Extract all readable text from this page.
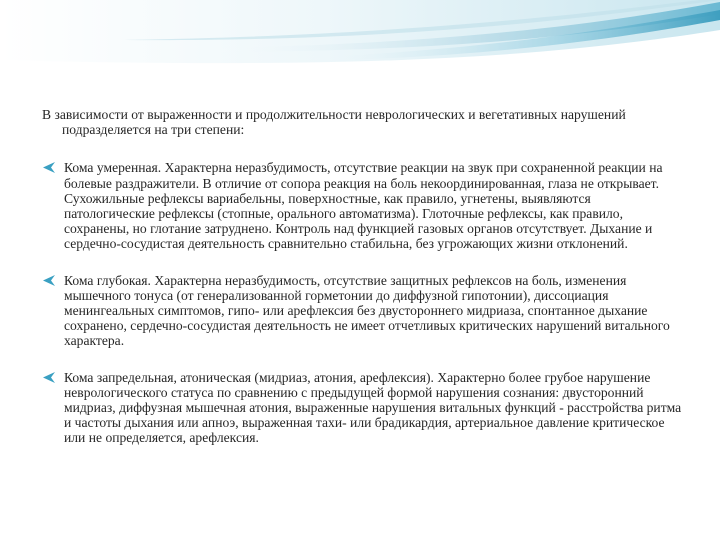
В зависимости от выраженности и продолжительности неврологических и вегетативных нарушений подразделяется на три степени:

Кома умеренная. Характерна неразбудимость, отсутствие реакции на звук при сохраненной реакции на болевые раздражители. В отличие от сопора реакция на боль некоординированная, глаза не открывает. Сухожильные рефлексы вариабельны, поверхностные, как правило, угнетены, выявляются патологические рефлексы (стопные, орального автоматизма). Глоточные рефлексы, как правило, сохранены, но глотание затруднено. Контроль над функцией газовых органов отсутствует. Дыхание и сердечно-сосудистая деятельность сравнительно стабильна, без угрожающих жизни отклонений.
Кома глубокая. Характерна неразбудимость, отсутствие защитных рефлексов на боль, изменения мышечного тонуса (от генерализованной горметонии до диффузной гипотонии), диссоциация менингеальных симптомов, гипо- или арефлексия без двустороннего мидриаза, спонтанное дыхание сохранено, сердечно-сосудистая деятельность не имеет отчетливых критических нарушений витального характера.
Кома запредельная, атоническая (мидриаз, атония, арефлексия). Характерно более грубое нарушение неврологического статуса по сравнению с предыдущей формой нарушения сознания: двусторонний мидриаз, диффузная мышечная атония, выраженные нарушения витальных функций - расстройства ритма и частоты дыхания или апноэ, выраженная тахи- или брадикардия, артериальное давление критическое или не определяется, арефлексия.
